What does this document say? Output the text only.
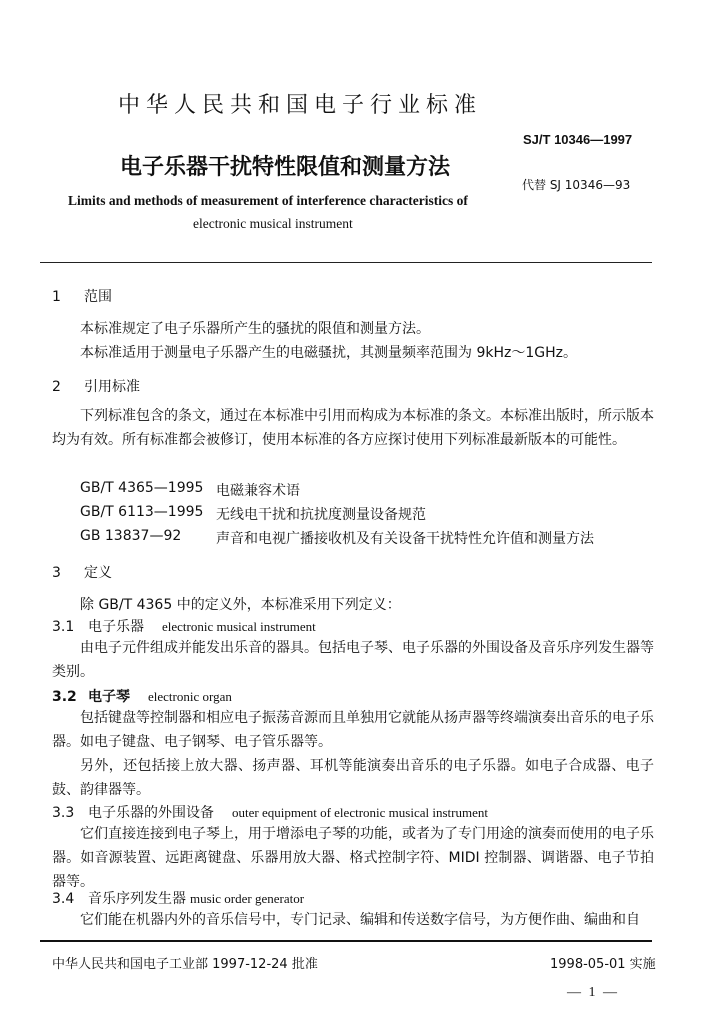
中华人民共和国电子行业标准
SJ/T 10346—1997
电子乐器干扰特性限值和测量方法
代替 SJ 10346—93
Limits and methods of measurement of interference characteristics of
electronic musical instrument
1 范围
本标准规定了电子乐器所产生的骚扰的限值和测量方法。
本标准适用于测量电子乐器产生的电磁骚扰，其测量频率范围为 9kHz～1GHz。
2 引用标准
下列标准包含的条文，通过在本标准中引用而构成为本标准的条文。本标准出版时，所示版本均为有效。所有标准都会被修订，使用本标准的各方应探讨使用下列标准最新版本的可能性。
GB/T 4365—1995 电磁兼容术语
GB/T 6113—1995 无线电干扰和抗扰度测量设备规范
GB 13837—92 声音和电视广播接收机及有关设备干扰特性允许值和测量方法
3 定义
除 GB/T 4365 中的定义外，本标准采用下列定义：
3.1 电子乐器 electronic musical instrument
由电子元件组成并能发出乐音的器具。包括电子琴、电子乐器的外围设备及音乐序列发生器等类别。
3.2 电子琴 electronic organ
包括键盘等控制器和相应电子振荡音源而且单独用它就能从扬声器等终端演奏出音乐的电子乐器。如电子键盘、电子钢琴、电子管乐器等。
另外，还包括接上放大器、扬声器、耳机等能演奏出音乐的电子乐器。如电子合成器、电子鼓、韵律器等。
3.3 电子乐器的外围设备 outer equipment of electronic musical instrument
它们直接连接到电子琴上，用于增添电子琴的功能，或者为了专门用途的演奏而使用的电子乐器。如音源装置、远距离键盘、乐器用放大器、格式控制字符、MIDI 控制器、调谐器、电子节拍器等。
3.4 音乐序列发生器 music order generator
它们能在机器内外的音乐信号中，专门记录、编辑和传送数字信号，为方便作曲、编曲和自
中华人民共和国电子工业部 1997-12-24 批准	1998-05-01 实施
— 1 —
